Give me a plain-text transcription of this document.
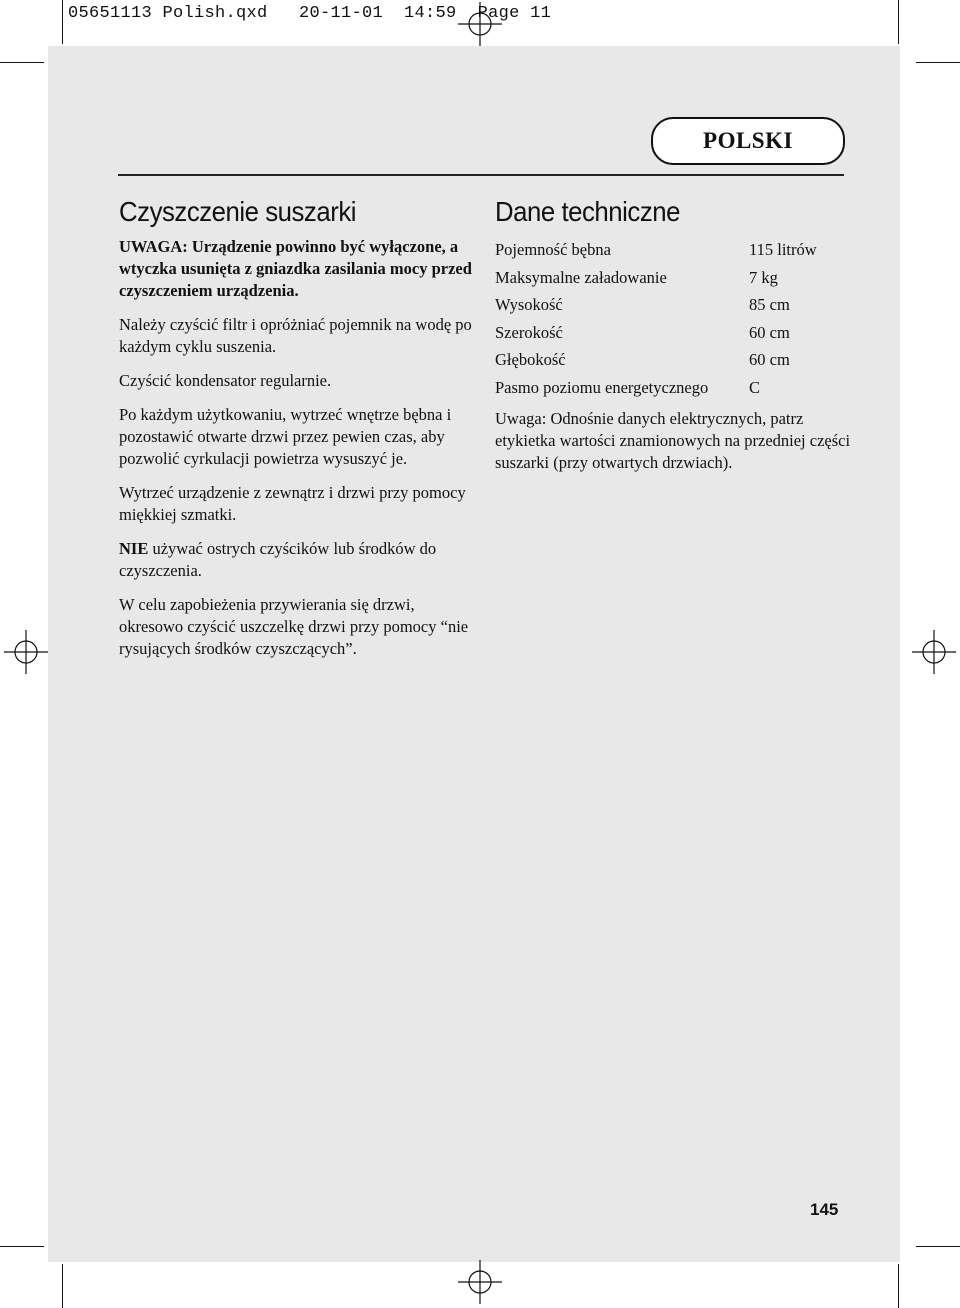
05651113 Polish.qxd   20-11-01  14:59  Page 11
POLSKI
Czyszczenie suszarki

UWAGA: Urządzenie powinno być wyłączone, a wtyczka usunięta z gniazdka zasilania mocy przed czyszczeniem urządzenia.

Należy czyścić filtr i opróżniać pojemnik na wodę po każdym cyklu suszenia.

Czyścić kondensator regularnie.

Po każdym użytkowaniu, wytrzeć wnętrze bębna i pozostawić otwarte drzwi przez pewien czas, aby pozwolić cyrkulacji powietrza wysuszyć je.

Wytrzeć urządzenie z zewnątrz i drzwi przy pomocy miękkiej szmatki.

NIE używać ostrych czyścików lub środków do czyszczenia.

W celu zapobieżenia przywierania się drzwi, okresowo czyścić uszczelkę drzwi przy pomocy “nie rysujących środków czyszczących”.

Dane techniczne
Pojemność bębna	115 litrów
Maksymalne załadowanie	7 kg
Wysokość	85 cm
Szerokość	60 cm
Głębokość	60 cm
Pasmo poziomu energetycznego	C
Uwaga: Odnośnie danych elektrycznych, patrz etykietka wartości znamionowych na przedniej części suszarki (przy otwartych drzwiach).
145
